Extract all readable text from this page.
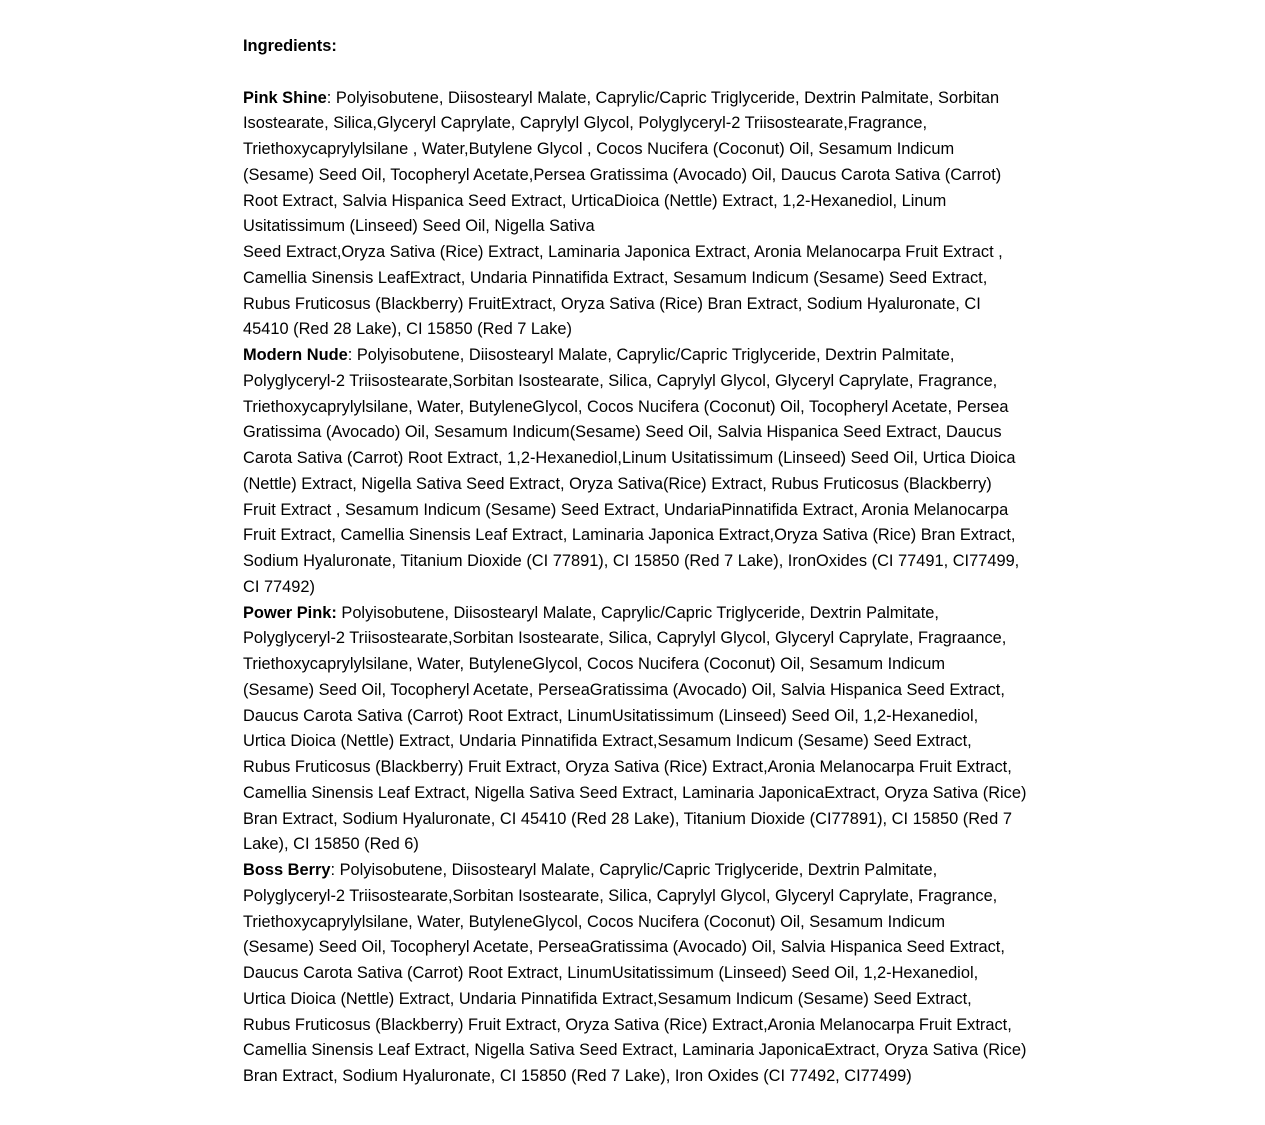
Ingredients:
Pink Shine: Polyisobutene, Diisostearyl Malate, Caprylic/Capric Triglyceride, Dextrin Palmitate, Sorbitan
Isostearate, Silica,Glyceryl Caprylate, Caprylyl Glycol, Polyglyceryl-2 Triisostearate,Fragrance,
Triethoxycaprylylsilane , Water,Butylene Glycol , Cocos Nucifera (Coconut) Oil, Sesamum Indicum
(Sesame) Seed Oil, Tocopheryl Acetate,Persea Gratissima (Avocado) Oil, Daucus Carota Sativa (Carrot)
Root Extract, Salvia Hispanica Seed Extract, UrticaDioica (Nettle) Extract, 1,2-Hexanediol, Linum
Usitatissimum (Linseed) Seed Oil, Nigella Sativa
Seed Extract,Oryza Sativa (Rice) Extract, Laminaria Japonica Extract, Aronia Melanocarpa Fruit Extract ,
Camellia Sinensis LeafExtract, Undaria Pinnatifida Extract, Sesamum Indicum (Sesame) Seed Extract,
Rubus Fruticosus (Blackberry) FruitExtract, Oryza Sativa (Rice) Bran Extract, Sodium Hyaluronate, CI
45410 (Red 28 Lake), CI 15850 (Red 7 Lake)
Modern Nude: Polyisobutene, Diisostearyl Malate, Caprylic/Capric Triglyceride, Dextrin Palmitate,
Polyglyceryl-2 Triisostearate,Sorbitan Isostearate, Silica, Caprylyl Glycol, Glyceryl Caprylate, Fragrance,
Triethoxycaprylylsilane, Water, ButyleneGlycol, Cocos Nucifera (Coconut) Oil, Tocopheryl Acetate, Persea
Gratissima (Avocado) Oil, Sesamum Indicum(Sesame) Seed Oil, Salvia Hispanica Seed Extract, Daucus
Carota Sativa (Carrot) Root Extract, 1,2-Hexanediol,Linum Usitatissimum (Linseed) Seed Oil, Urtica Dioica
(Nettle) Extract, Nigella Sativa Seed Extract, Oryza Sativa(Rice) Extract, Rubus Fruticosus (Blackberry)
Fruit Extract , Sesamum Indicum (Sesame) Seed Extract, UndariaPinnatifida Extract, Aronia Melanocarpa
Fruit Extract, Camellia Sinensis Leaf Extract, Laminaria Japonica Extract,Oryza Sativa (Rice) Bran Extract,
Sodium Hyaluronate, Titanium Dioxide (CI 77891), CI 15850 (Red 7 Lake), IronOxides (CI 77491, CI77499,
CI 77492)
Power Pink: Polyisobutene, Diisostearyl Malate, Caprylic/Capric Triglyceride, Dextrin Palmitate,
Polyglyceryl-2 Triisostearate,Sorbitan Isostearate, Silica, Caprylyl Glycol, Glyceryl Caprylate, Fragraance,
Triethoxycaprylylsilane, Water, ButyleneGlycol, Cocos Nucifera (Coconut) Oil, Sesamum Indicum
(Sesame) Seed Oil, Tocopheryl Acetate, PerseaGratissima (Avocado) Oil, Salvia Hispanica Seed Extract,
Daucus Carota Sativa (Carrot) Root Extract, LinumUsitatissimum (Linseed) Seed Oil, 1,2-Hexanediol,
Urtica Dioica (Nettle) Extract, Undaria Pinnatifida Extract,Sesamum Indicum (Sesame) Seed Extract,
Rubus Fruticosus (Blackberry) Fruit Extract, Oryza Sativa (Rice) Extract,Aronia Melanocarpa Fruit Extract,
Camellia Sinensis Leaf Extract, Nigella Sativa Seed Extract, Laminaria JaponicaExtract, Oryza Sativa (Rice)
Bran Extract, Sodium Hyaluronate, CI 45410 (Red 28 Lake), Titanium Dioxide (CI77891), CI 15850 (Red 7
Lake), CI 15850 (Red 6)
Boss Berry: Polyisobutene, Diisostearyl Malate, Caprylic/Capric Triglyceride, Dextrin Palmitate,
Polyglyceryl-2 Triisostearate,Sorbitan Isostearate, Silica, Caprylyl Glycol, Glyceryl Caprylate, Fragrance,
Triethoxycaprylylsilane, Water, ButyleneGlycol, Cocos Nucifera (Coconut) Oil, Sesamum Indicum
(Sesame) Seed Oil, Tocopheryl Acetate, PerseaGratissima (Avocado) Oil, Salvia Hispanica Seed Extract,
Daucus Carota Sativa (Carrot) Root Extract, LinumUsitatissimum (Linseed) Seed Oil, 1,2-Hexanediol,
Urtica Dioica (Nettle) Extract, Undaria Pinnatifida Extract,Sesamum Indicum (Sesame) Seed Extract,
Rubus Fruticosus (Blackberry) Fruit Extract, Oryza Sativa (Rice) Extract,Aronia Melanocarpa Fruit Extract,
Camellia Sinensis Leaf Extract, Nigella Sativa Seed Extract, Laminaria JaponicaExtract, Oryza Sativa (Rice)
Bran Extract, Sodium Hyaluronate, CI 15850 (Red 7 Lake), Iron Oxides (CI 77492, CI77499)
